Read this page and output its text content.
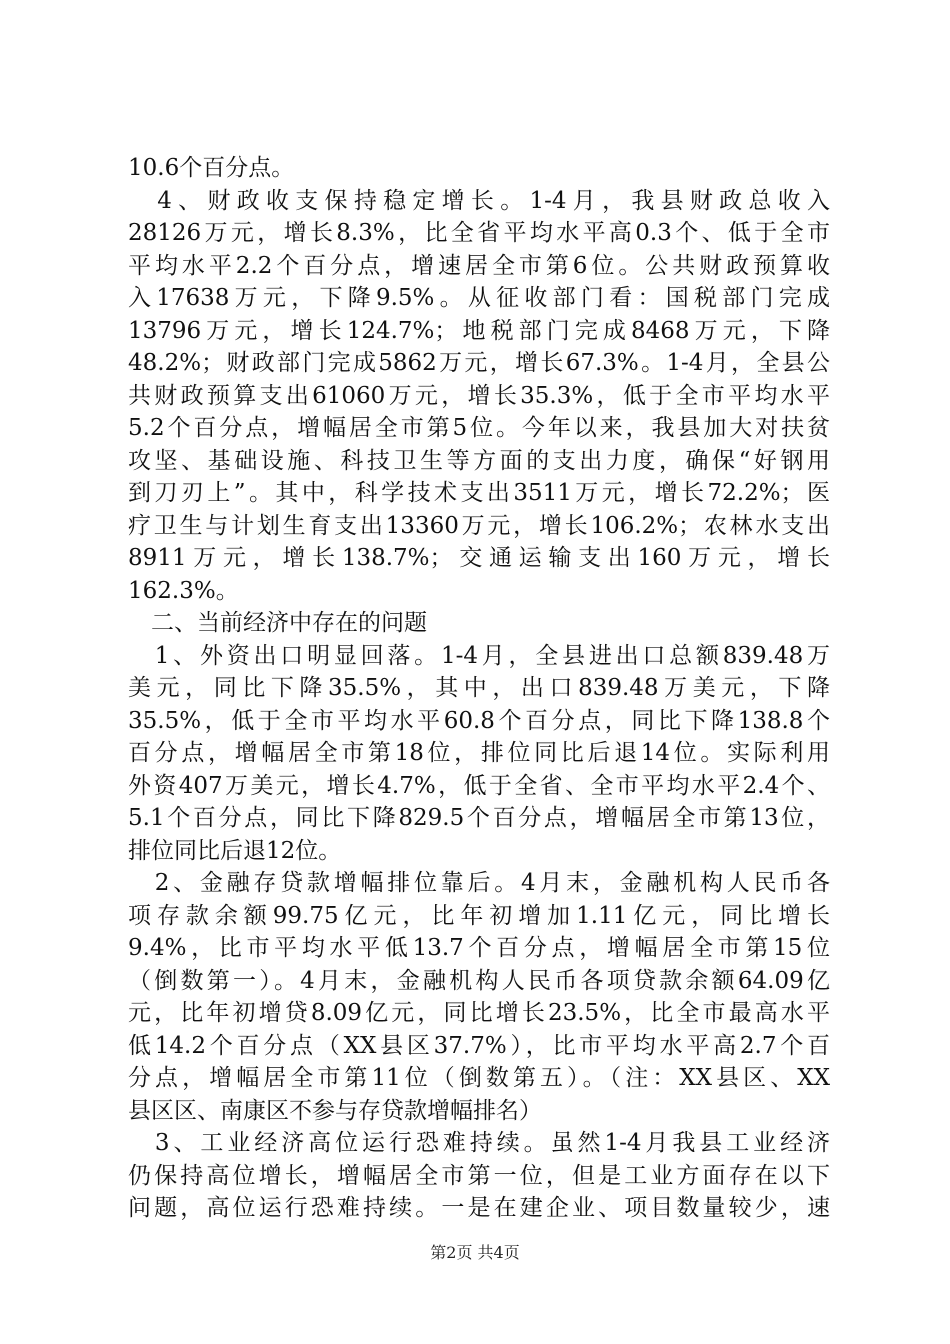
10.6个百分点。
　4、财政收支保持稳定增长。1-4月，我县财政总收入
28126万元，增长8.3%，比全省平均水平高0.3个、低于全市
平均水平2.2个百分点，增速居全市第6位。公共财政预算收
入17638万元，下降9.5%。从征收部门看：国税部门完成
13796万元，增长124.7%；地税部门完成8468万元，下降
48.2%；财政部门完成5862万元，增长67.3%。1-4月，全县公
共财政预算支出61060万元，增长35.3%，低于全市平均水平
5.2个百分点，增幅居全市第5位。今年以来，我县加大对扶贫
攻坚、基础设施、科技卫生等方面的支出力度，确保“好钢用
到刀刃上”。其中，科学技术支出3511万元，增长72.2%；医
疗卫生与计划生育支出13360万元，增长106.2%；农林水支出
8911万元，增长138.7%；交通运输支出160万元，增长
162.3%。
　二、当前经济中存在的问题
　1、外资出口明显回落。1-4月，全县进出口总额839.48万
美元，同比下降35.5%，其中，出口839.48万美元，下降
35.5%，低于全市平均水平60.8个百分点，同比下降138.8个
百分点，增幅居全市第18位，排位同比后退14位。实际利用
外资407万美元，增长4.7%，低于全省、全市平均水平2.4个、
5.1个百分点，同比下降829.5个百分点，增幅居全市第13位，
排位同比后退12位。
　2、金融存贷款增幅排位靠后。4月末，金融机构人民币各
项存款余额99.75亿元，比年初增加1.11亿元，同比增长
9.4%，比市平均水平低13.7个百分点，增幅居全市第15位
（倒数第一）。4月末，金融机构人民币各项贷款余额64.09亿
元，比年初增贷8.09亿元，同比增长23.5%，比全市最高水平
低14.2个百分点（XX县区37.7%），比市平均水平高2.7个百
分点，增幅居全市第11位（倒数第五）。（注：XX县区、XX
县区区、南康区不参与存贷款增幅排名）
　3、工业经济高位运行恐难持续。虽然1-4月我县工业经济
仍保持高位增长，增幅居全市第一位，但是工业方面存在以下
问题，高位运行恐难持续。一是在建企业、项目数量较少，速
第2页 共4页
